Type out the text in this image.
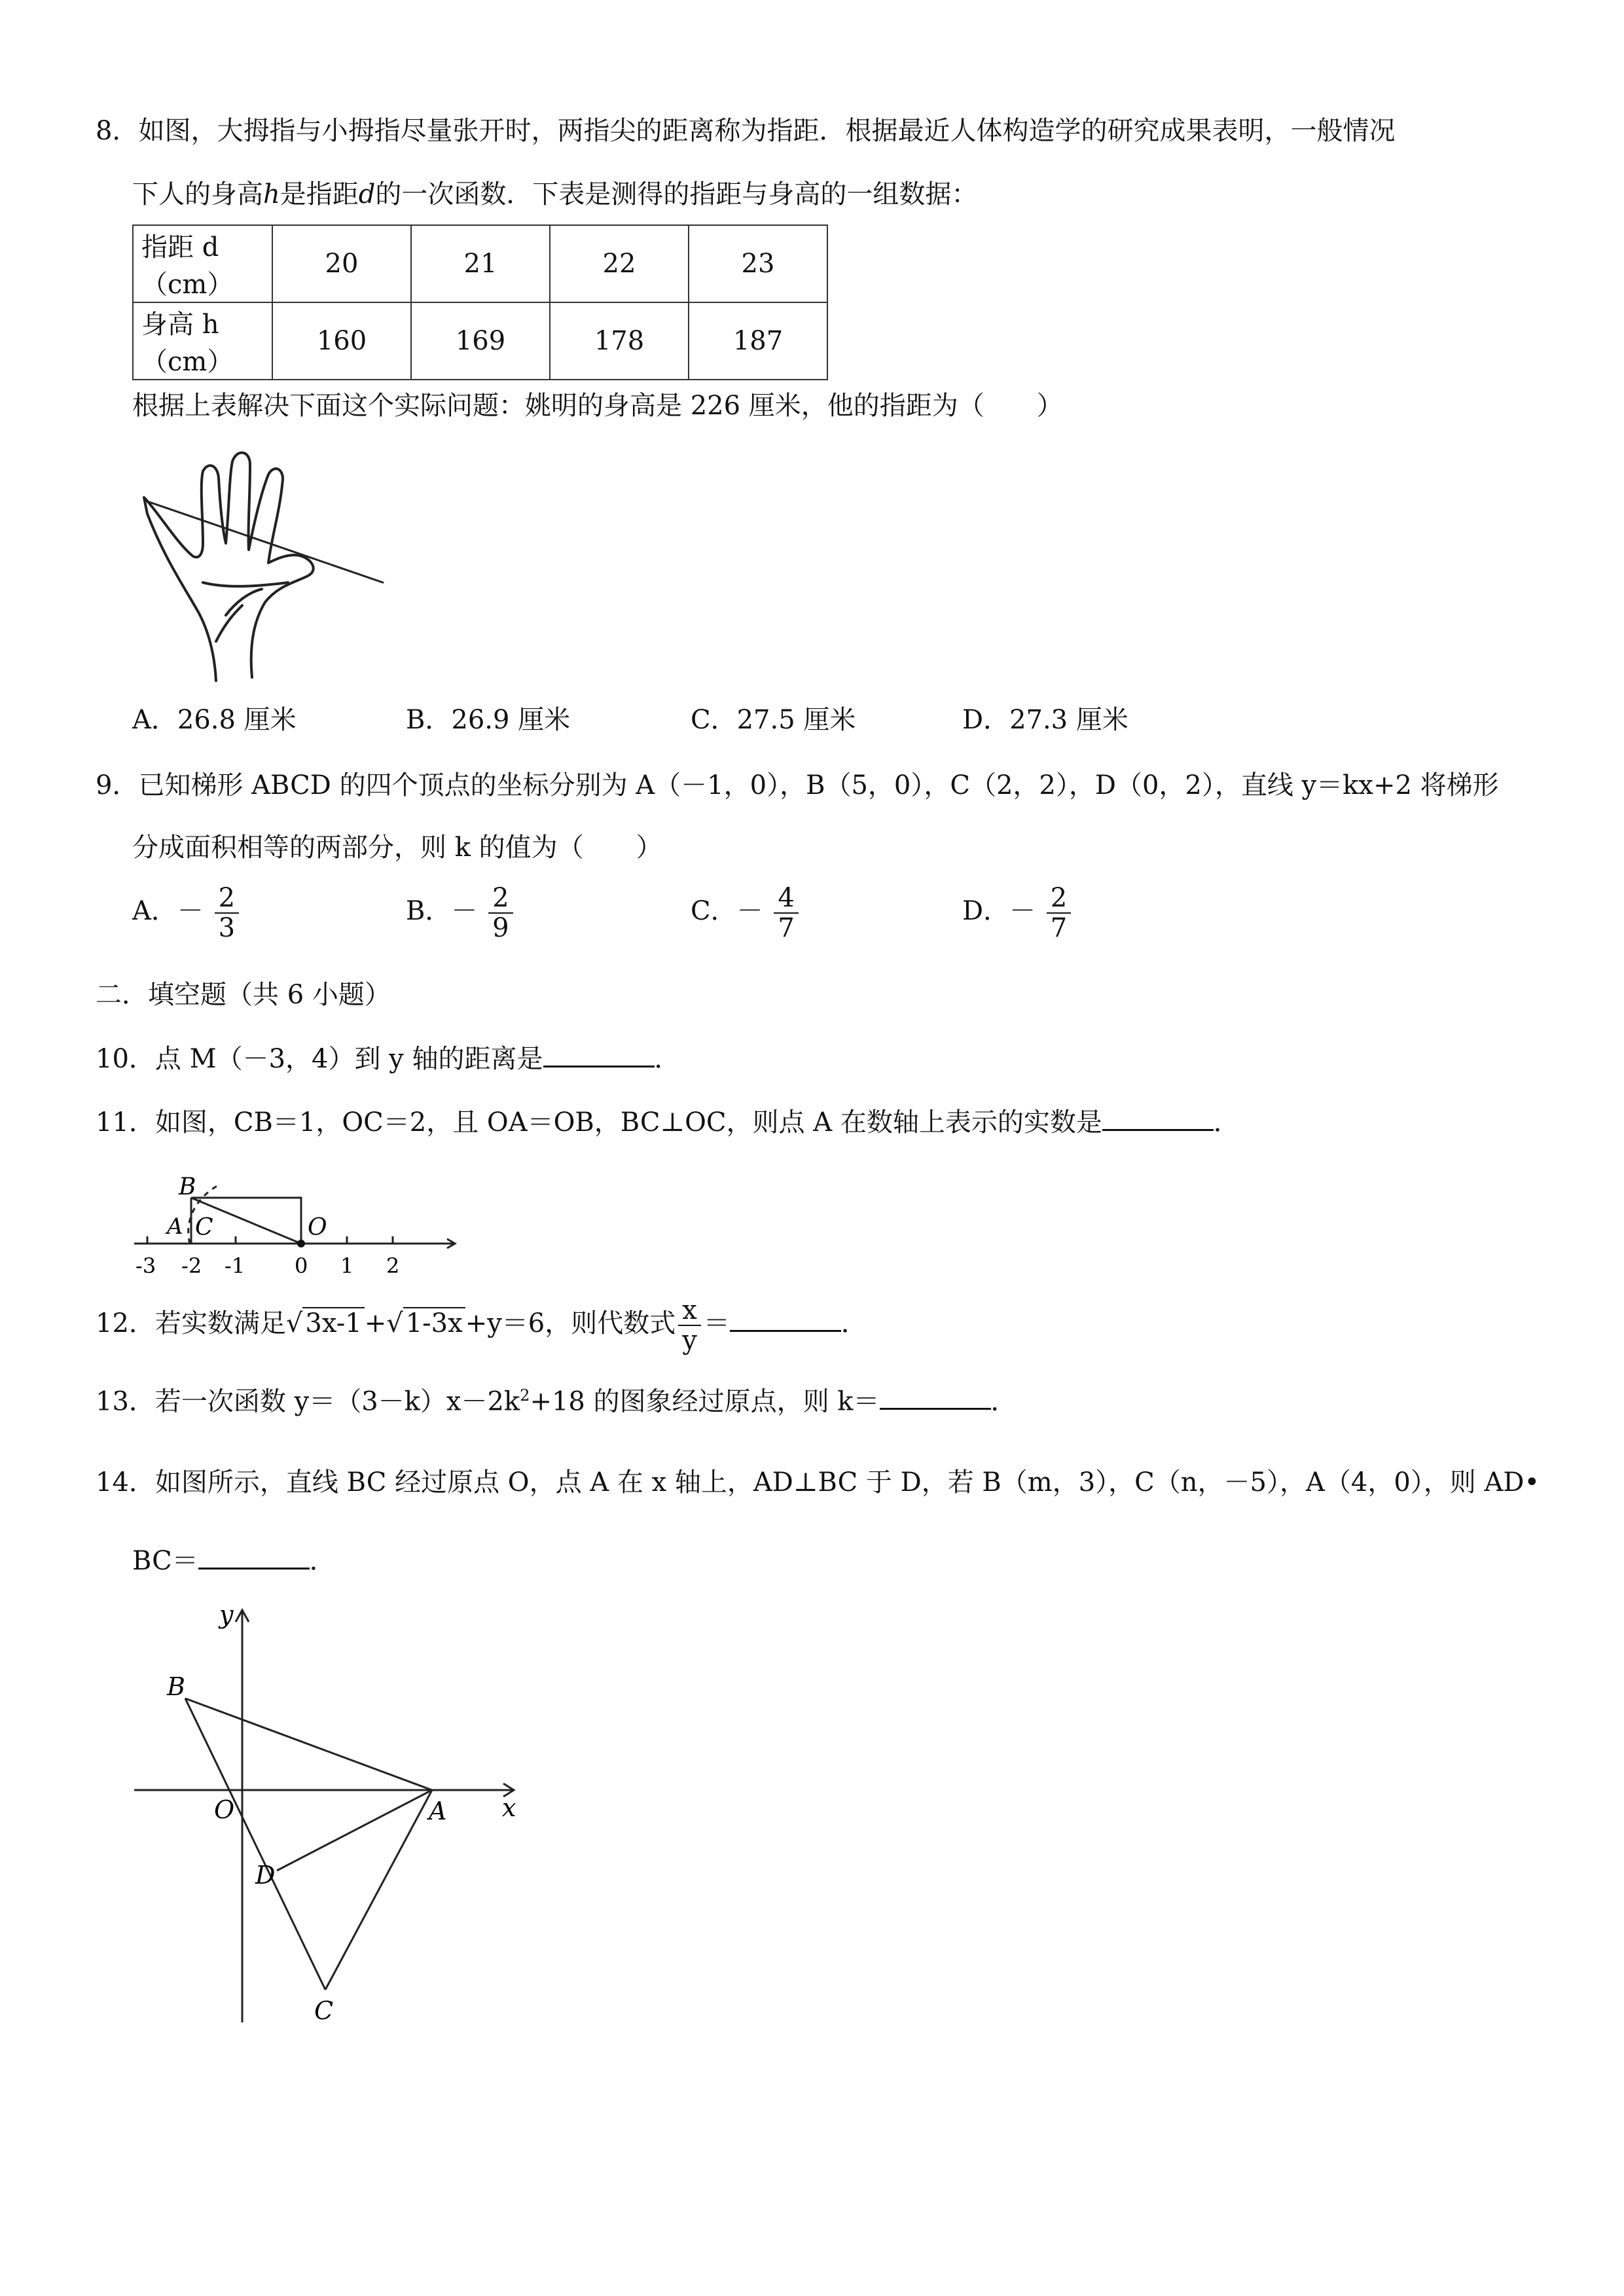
8．如图，大拇指与小拇指尽量张开时，两指尖的距离称为指距．根据最近人体构造学的研究成果表明，一般情况
下人的身高h是指距d的一次函数．下表是测得的指距与身高的一组数据：
指距 d（cm）	20	21	22	23
身高 h（cm）	160	169	178	187
根据上表解决下面这个实际问题：姚明的身高是 226 厘米，他的指距为（　　）
A．26.8 厘米	B．26.9 厘米	C．27.5 厘米	D．27.3 厘米
9．已知梯形 ABCD 的四个顶点的坐标分别为 A（－1，0），B（5，0），C（2，2），D（0，2），直线 y＝kx+2 将梯形
分成面积相等的两部分，则 k 的值为（　　）
A．－ $\frac{2}{3}$	B．－ $\frac{2}{9}$	C．－ $\frac{4}{7}$	D．－ $\frac{2}{7}$
二．填空题（共 6 小题）
10．点 M（－3，4）到 y 轴的距离是	．
11．如图，CB＝1，OC＝2，且 OA＝OB，BC⊥OC，则点 A 在数轴上表示的实数是	．
B
A C	O
-3 -2 -1 0 1 2
12．若实数满足√ 3x-1 +√ 1-3x +y＝6，则代数式 $\frac{x}{y}$ ＝	．
13．若一次函数 $y=(3-k)x-2k^2+18$ 的图象经过原点，则 k＝	．
14．如图所示，直线 BC 经过原点 O，点 A 在 x 轴上，AD⊥BC 于 D，若 B（m，3），C（n，－5），A（4，0），则 AD•
BC＝	．
y
x
B
O	A
D
C
